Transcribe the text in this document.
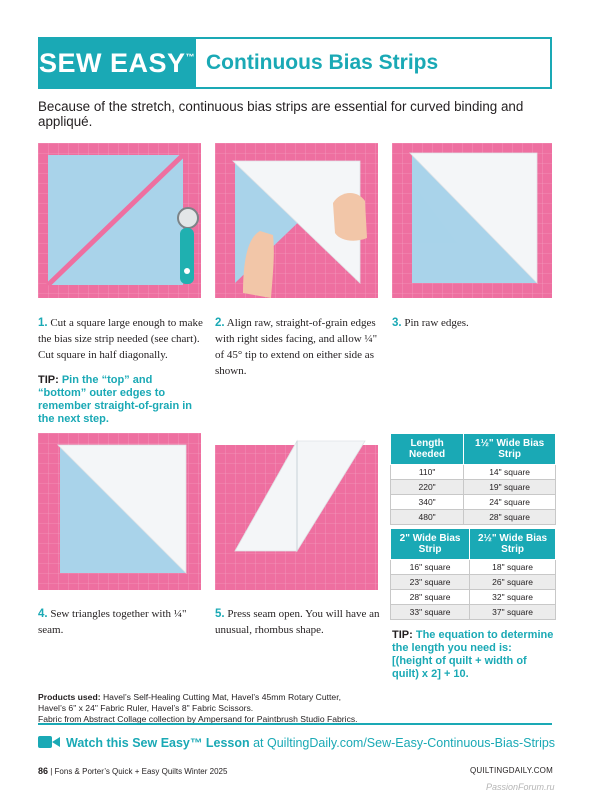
SEW EASY™ Continuous Bias Strips
Because of the stretch, continuous bias strips are essential for curved binding and appliqué.
1. Cut a square large enough to make the bias size strip needed (see chart). Cut square in half diagonally.
TIP: Pin the “top” and “bottom” outer edges to remember straight-of-grain in the next step.
2. Align raw, straight-of-grain edges with right sides facing, and allow ¼" of 45° tip to extend on either side as shown.
3. Pin raw edges.
4. Sew triangles together with ¼" seam.
5. Press seam open. You will have an unusual, rhombus shape.
Length Needed	1½" Wide Bias Strip
110"	14" square
220"	19" square
340"	24" square
480"	28" square
2" Wide Bias Strip	2½" Wide Bias Strip
16" square	18" square
23" square	26" square
28" square	32" square
33" square	37" square
TIP: The equation to determine the length you need is: [(height of quilt + width of quilt) x 2] + 10.
Products used: Havel’s Self-Healing Cutting Mat, Havel’s 45mm Rotary Cutter, Havel’s 6" x 24" Fabric Ruler, Havel’s 8" Fabric Scissors.
Fabric from Abstract Collage collection by Ampersand for Paintbrush Studio Fabrics.
Watch this Sew Easy™ Lesson at QuiltingDaily.com/Sew-Easy-Continuous-Bias-Strips
86 | Fons & Porter’s Quick + Easy Quilts Winter 2025	QUILTINGDAILY.COM
PassionForum.ru
